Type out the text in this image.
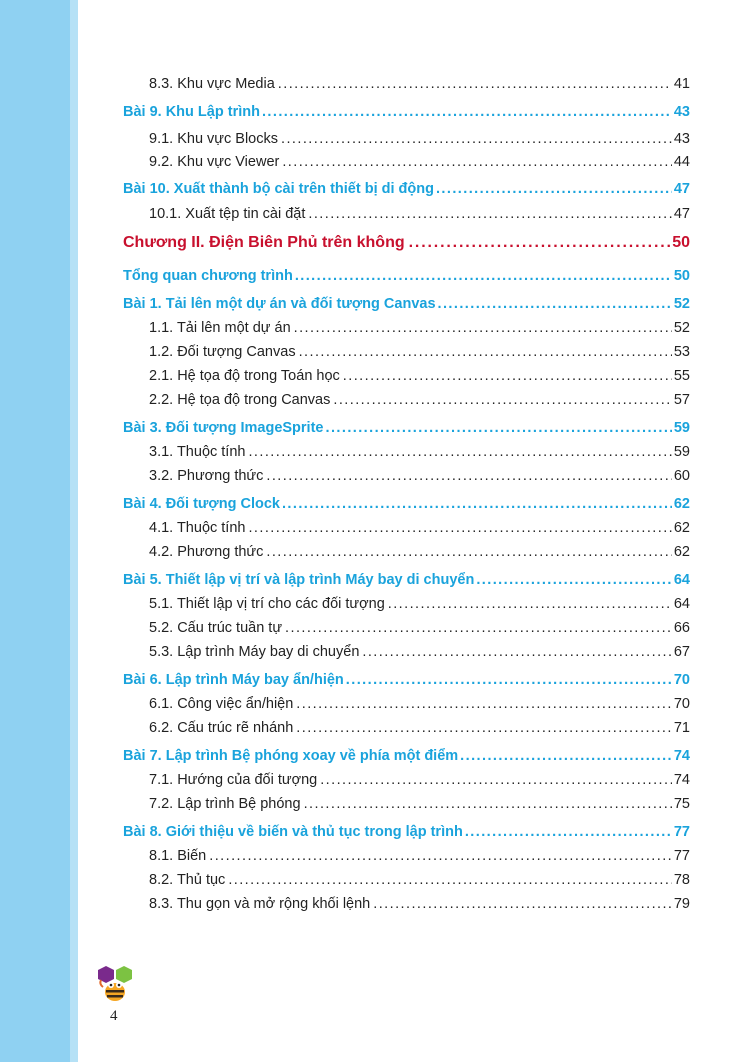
8.3. Khu vực Media . . .	41
Bài 9. Khu Lập trình . . .	43
9.1. Khu vực Blocks . . .	43
9.2. Khu vực Viewer . . .	44
Bài 10. Xuất thành bộ cài trên thiết bị di động . . .	47
10.1. Xuất tệp tin cài đặt . . .	47
Chương II. Điện Biên Phủ trên không . . .	50
Tổng quan chương trình . . .	50
Bài 1. Tải lên một dự án và đối tượng Canvas . . .	52
1.1. Tải lên một dự án . . .	52
1.2. Đối tượng Canvas . . .	53
2.1. Hệ tọa độ trong Toán học . . .	55
2.2. Hệ tọa độ trong Canvas . . .	57
Bài 3. Đối tượng ImageSprite . . .	59
3.1. Thuộc tính . . .	59
3.2. Phương thức . . .	60
Bài 4. Đối tượng Clock . . .	62
4.1. Thuộc tính . . .	62
4.2. Phương thức . . .	62
Bài 5. Thiết lập vị trí và lập trình Máy bay di chuyển . . .	64
5.1. Thiết lập vị trí cho các đối tượng . . .	64
5.2. Cấu trúc tuần tự . . .	66
5.3. Lập trình Máy bay di chuyển . . .	67
Bài 6. Lập trình Máy bay ẩn/hiện . . .	70
6.1. Công việc ẩn/hiện . . .	70
6.2. Cấu trúc rẽ nhánh . . .	71
Bài 7. Lập trình Bệ phóng xoay về phía một điểm . . .	74
7.1. Hướng của đối tượng . . .	74
7.2. Lập trình Bệ phóng . . .	75
Bài 8. Giới thiệu về biến và thủ tục trong lập trình . . .	77
8.1. Biến . . .	77
8.2. Thủ tục . . .	78
8.3. Thu gọn và mở rộng khối lệnh . . .	79
4
